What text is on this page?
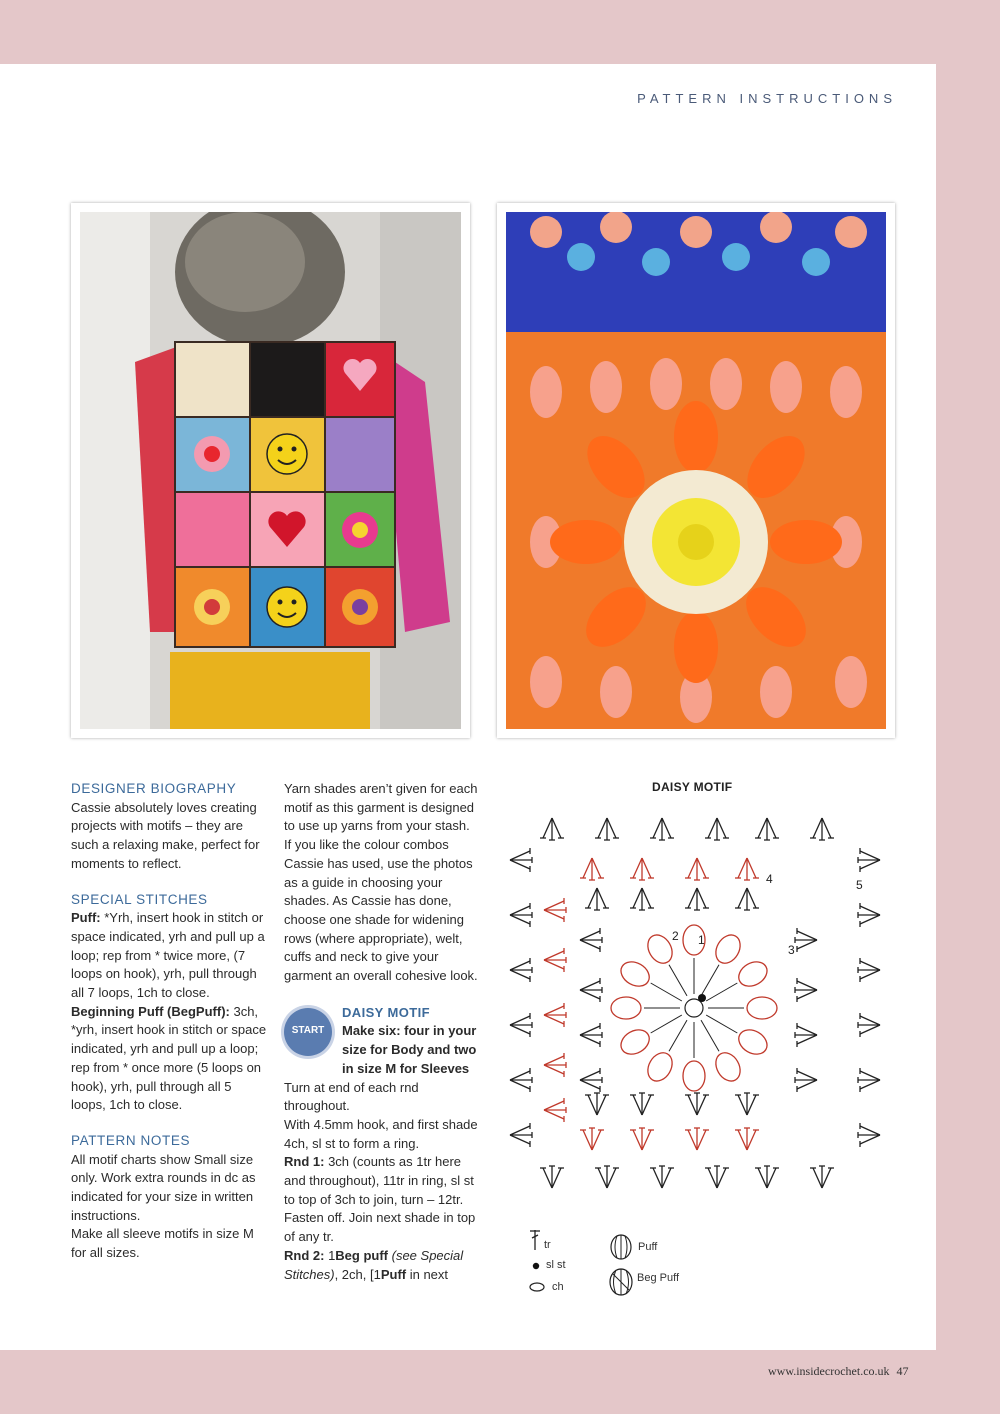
PATTERN INSTRUCTIONS
DESIGNER BIOGRAPHY

Cassie absolutely loves creating projects with motifs – they are such a relaxing make, perfect for moments to reflect.

SPECIAL STITCHES

Puff: *Yrh, insert hook in stitch or space indicated, yrh and pull up a loop; rep from * twice more, (7 loops on hook), yrh, pull through all 7 loops, 1ch to close.

Beginning Puff (BegPuff): 3ch, *yrh, insert hook in stitch or space indicated, yrh and pull up a loop; rep from * once more (5 loops on hook), yrh, pull through all 5 loops, 1ch to close.

PATTERN NOTES

All motif charts show Small size only. Work extra rounds in dc as indicated for your size in written instructions.

Make all sleeve motifs in size M for all sizes.

Yarn shades aren’t given for each motif as this garment is designed to use up yarns from your stash. If you like the colour combos Cassie has used, use the photos as a guide in choosing your shades. As Cassie has done, choose one shade for widening rows (where appropriate), welt, cuffs and neck to give your garment an overall cohesive look.

START
DAISY MOTIF
Make six: four in your size for Body and two in size M for Sleeves

Turn at end of each rnd throughout.

With 4.5mm hook, and first shade 4ch, sl st to form a ring.

Rnd 1: 3ch (counts as 1tr here and throughout), 11tr in ring, sl st to top of 3ch to join, turn – 12tr. Fasten off. Join next shade in top of any tr.

Rnd 2: 1Beg puff (see Special Stitches), 2ch, [1Puff in next

DAISY MOTIF
1
2
3
4	5
tr
sl st
ch
Puff
Beg Puff
www.insidecrochet.co.uk 47
